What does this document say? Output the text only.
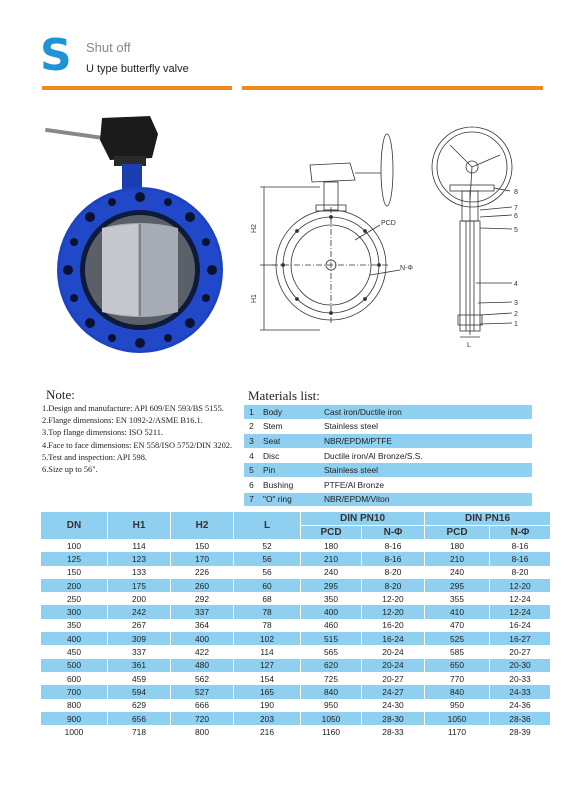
S Shut off
U type butterfly valve
H2
H1
PCD
N-Φ
L
8
7
6
5
4
3
2
1
Note:
1.Design and manufacture: API 609/EN 593/BS 5155.
2.Flange dimensions: EN 1092-2/ASME B16.1.
3.Top flange dimensions: ISO 5211.
4.Face to face dimensions: EN 558/ISO 5752/DIN 3202.
5.Test and inspection: API 598.
6.Size up to 56".
Materials list:
1	Body	Cast iron/Ductile iron
2	Stem	Stainless steel
3	Seat	NBR/EPDM/PTFE
4	Disc	Ductile iron/Al Bronze/S.S.
5	Pin	Stainless steel
6	Bushing	PTFE/Al Bronze
7	"O" ring	NBR/EPDM/Viton
DN	H1	H2	L	DIN PN10		DIN PN16	
				PCD	N-Φ	PCD	N-Φ
100	114	150	52	180	8-16	180	8-16
125	123	170	56	210	8-16	210	8-16
150	133	226	56	240	8-20	240	8-20
200	175	260	60	295	8-20	295	12-20
250	200	292	68	350	12-20	355	12-24
300	242	337	78	400	12-20	410	12-24
350	267	364	78	460	16-20	470	16-24
400	309	400	102	515	16-24	525	16-27
450	337	422	114	565	20-24	585	20-27
500	361	480	127	620	20-24	650	20-30
600	459	562	154	725	20-27	770	20-33
700	594	527	165	840	24-27	840	24-33
800	629	666	190	950	24-30	950	24-36
900	656	720	203	1050	28-30	1050	28-36
1000	718	800	216	1160	28-33	1170	28-39
